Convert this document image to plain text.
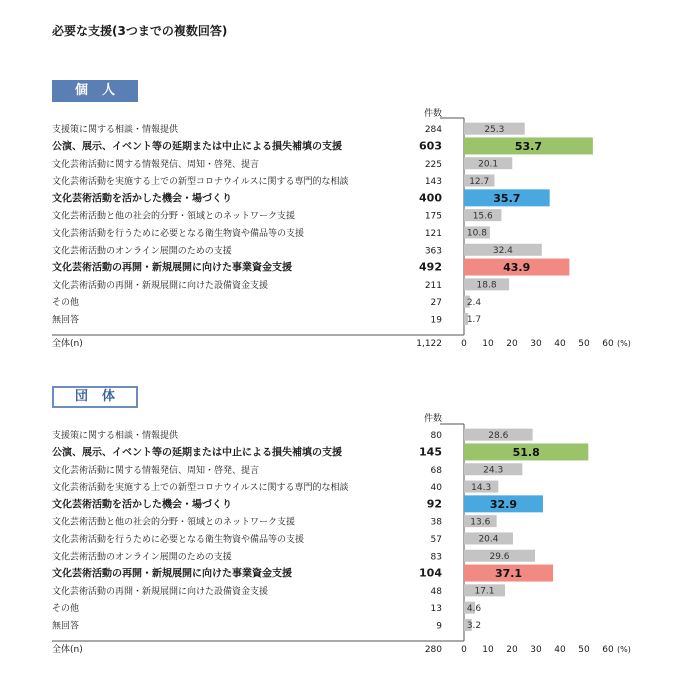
必要な支援(3つまでの複数回答)
個人
件数
支援策に関する相談・情報提供	284	25.3
公演、展示、イベント等の延期または中止による損失補填の支援	603	53.7
文化芸術活動に関する情報発信、周知・啓発、提言	225	20.1
文化芸術活動を実施する上での新型コロナウイルスに関する専門的な相談	143	12.7
文化芸術活動を活かした機会・場づくり	400	35.7
文化芸術活動と他の社会的分野・領域とのネットワーク支援	175	15.6
文化芸術活動を行うために必要となる衛生物資や備品等の支援	121	10.8
文化芸術活動のオンライン展開のための支援	363	32.4
文化芸術活動の再開・新規展開に向けた事業資金支援	492	43.9
文化芸術活動の再開・新規展開に向けた設備資金支援	211	18.8
その他	27	2.4
無回答	19	1.7
全体(n)	1,122 0 10 20 30 40 50 60 (%)
団体
件数
支援策に関する相談・情報提供	80	28.6
公演、展示、イベント等の延期または中止による損失補填の支援	145	51.8
文化芸術活動に関する情報発信、周知・啓発、提言	68	24.3
文化芸術活動を実施する上での新型コロナウイルスに関する専門的な相談	40	14.3
文化芸術活動を活かした機会・場づくり	92	32.9
文化芸術活動と他の社会的分野・領域とのネットワーク支援	38	13.6
文化芸術活動を行うために必要となる衛生物資や備品等の支援	57	20.4
文化芸術活動のオンライン展開のための支援	83	29.6
文化芸術活動の再開・新規展開に向けた事業資金支援	104	37.1
文化芸術活動の再開・新規展開に向けた設備資金支援	48	17.1
その他	13	4.6
無回答	9	3.2
全体(n)	280 0 10 20 30 40 50 60 (%)
